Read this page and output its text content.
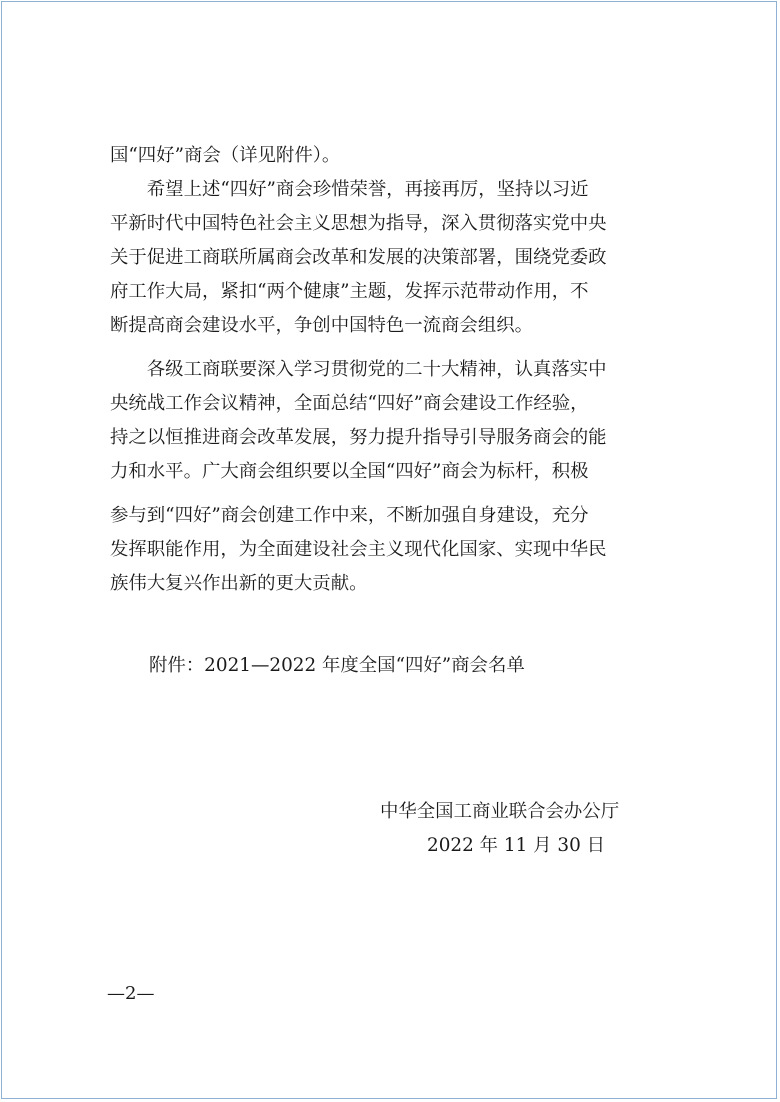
国“四好”商会（详见附件）。
　　希望上述“四好”商会珍惜荣誉，再接再厉，坚持以习近
平新时代中国特色社会主义思想为指导，深入贯彻落实党中央
关于促进工商联所属商会改革和发展的决策部署，围绕党委政
府工作大局，紧扣“两个健康”主题，发挥示范带动作用，不
断提高商会建设水平，争创中国特色一流商会组织。
　　各级工商联要深入学习贯彻党的二十大精神，认真落实中
央统战工作会议精神，全面总结“四好”商会建设工作经验，
持之以恒推进商会改革发展，努力提升指导引导服务商会的能
力和水平。广大商会组织要以全国“四好”商会为标杆，积极
参与到“四好”商会创建工作中来，不断加强自身建设，充分
发挥职能作用，为全面建设社会主义现代化国家、实现中华民
族伟大复兴作出新的更大贡献。
附件：2021—2022 年度全国“四好”商会名单
中华全国工商业联合会办公厅
2022 年 11 月 30 日
—2—
